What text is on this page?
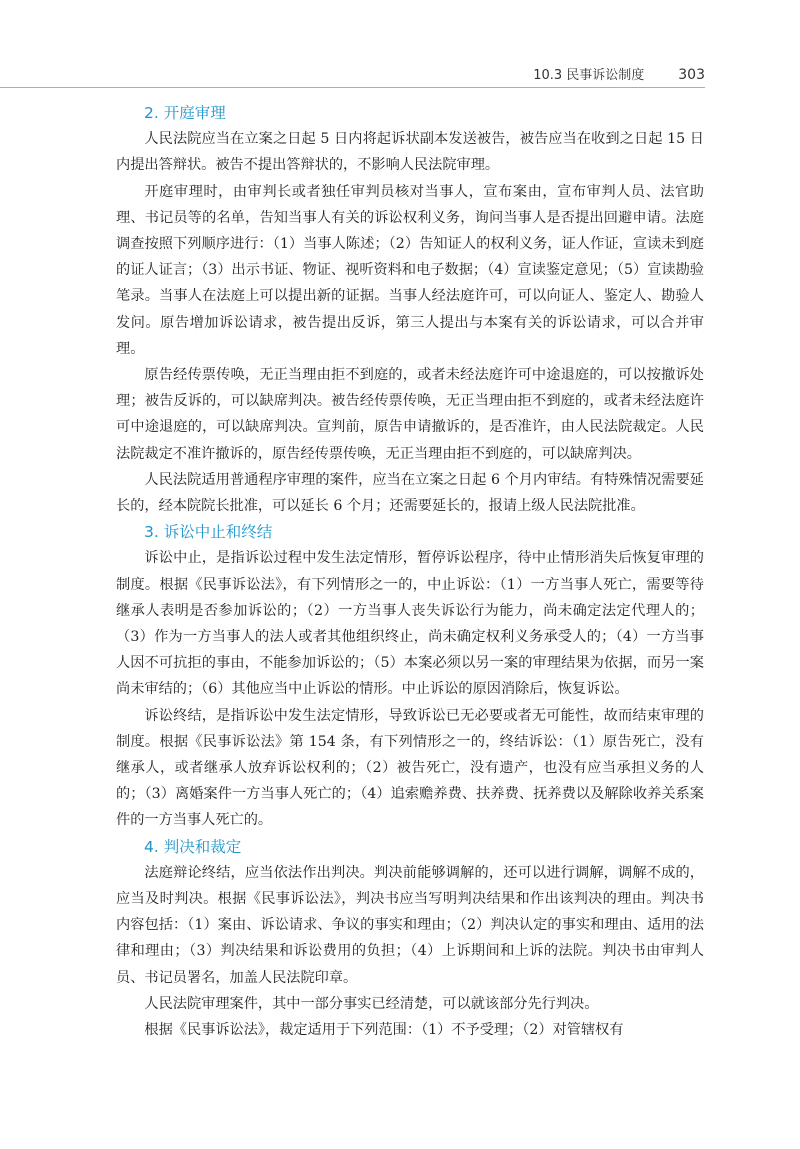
10.3 民事诉讼制度 303
2. 开庭审理

人民法院应当在立案之日起 5 日内将起诉状副本发送被告，被告应当在收到之日起 15 日内提出答辩状。被告不提出答辩状的，不影响人民法院审理。

开庭审理时，由审判长或者独任审判员核对当事人，宣布案由，宣布审判人员、法官助理、书记员等的名单，告知当事人有关的诉讼权利义务，询问当事人是否提出回避申请。法庭调查按照下列顺序进行：（1）当事人陈述；（2）告知证人的权利义务，证人作证，宣读未到庭的证人证言；（3）出示书证、物证、视听资料和电子数据；（4）宣读鉴定意见；（5）宣读勘验笔录。当事人在法庭上可以提出新的证据。当事人经法庭许可，可以向证人、鉴定人、勘验人发问。原告增加诉讼请求，被告提出反诉，第三人提出与本案有关的诉讼请求，可以合并审理。

原告经传票传唤，无正当理由拒不到庭的，或者未经法庭许可中途退庭的，可以按撤诉处理；被告反诉的，可以缺席判决。被告经传票传唤，无正当理由拒不到庭的，或者未经法庭许可中途退庭的，可以缺席判决。宣判前，原告申请撤诉的，是否准许，由人民法院裁定。人民法院裁定不准许撤诉的，原告经传票传唤，无正当理由拒不到庭的，可以缺席判决。

人民法院适用普通程序审理的案件，应当在立案之日起 6 个月内审结。有特殊情况需要延长的，经本院院长批准，可以延长 6 个月；还需要延长的，报请上级人民法院批准。

3. 诉讼中止和终结

诉讼中止，是指诉讼过程中发生法定情形，暂停诉讼程序，待中止情形消失后恢复审理的制度。根据《民事诉讼法》，有下列情形之一的，中止诉讼：（1）一方当事人死亡，需要等待继承人表明是否参加诉讼的；（2）一方当事人丧失诉讼行为能力，尚未确定法定代理人的；（3）作为一方当事人的法人或者其他组织终止，尚未确定权利义务承受人的；（4）一方当事人因不可抗拒的事由，不能参加诉讼的；（5）本案必须以另一案的审理结果为依据，而另一案尚未审结的；（6）其他应当中止诉讼的情形。中止诉讼的原因消除后，恢复诉讼。

诉讼终结，是指诉讼中发生法定情形，导致诉讼已无必要或者无可能性，故而结束审理的制度。根据《民事诉讼法》第 154 条，有下列情形之一的，终结诉讼：（1）原告死亡，没有继承人，或者继承人放弃诉讼权利的；（2）被告死亡，没有遗产，也没有应当承担义务的人的；（3）离婚案件一方当事人死亡的；（4）追索赡养费、扶养费、抚养费以及解除收养关系案件的一方当事人死亡的。

4. 判决和裁定

法庭辩论终结，应当依法作出判决。判决前能够调解的，还可以进行调解，调解不成的，应当及时判决。根据《民事诉讼法》，判决书应当写明判决结果和作出该判决的理由。判决书内容包括：（1）案由、诉讼请求、争议的事实和理由；（2）判决认定的事实和理由、适用的法律和理由；（3）判决结果和诉讼费用的负担；（4）上诉期间和上诉的法院。判决书由审判人员、书记员署名，加盖人民法院印章。

人民法院审理案件，其中一部分事实已经清楚，可以就该部分先行判决。

根据《民事诉讼法》，裁定适用于下列范围：（1）不予受理；（2）对管辖权有
